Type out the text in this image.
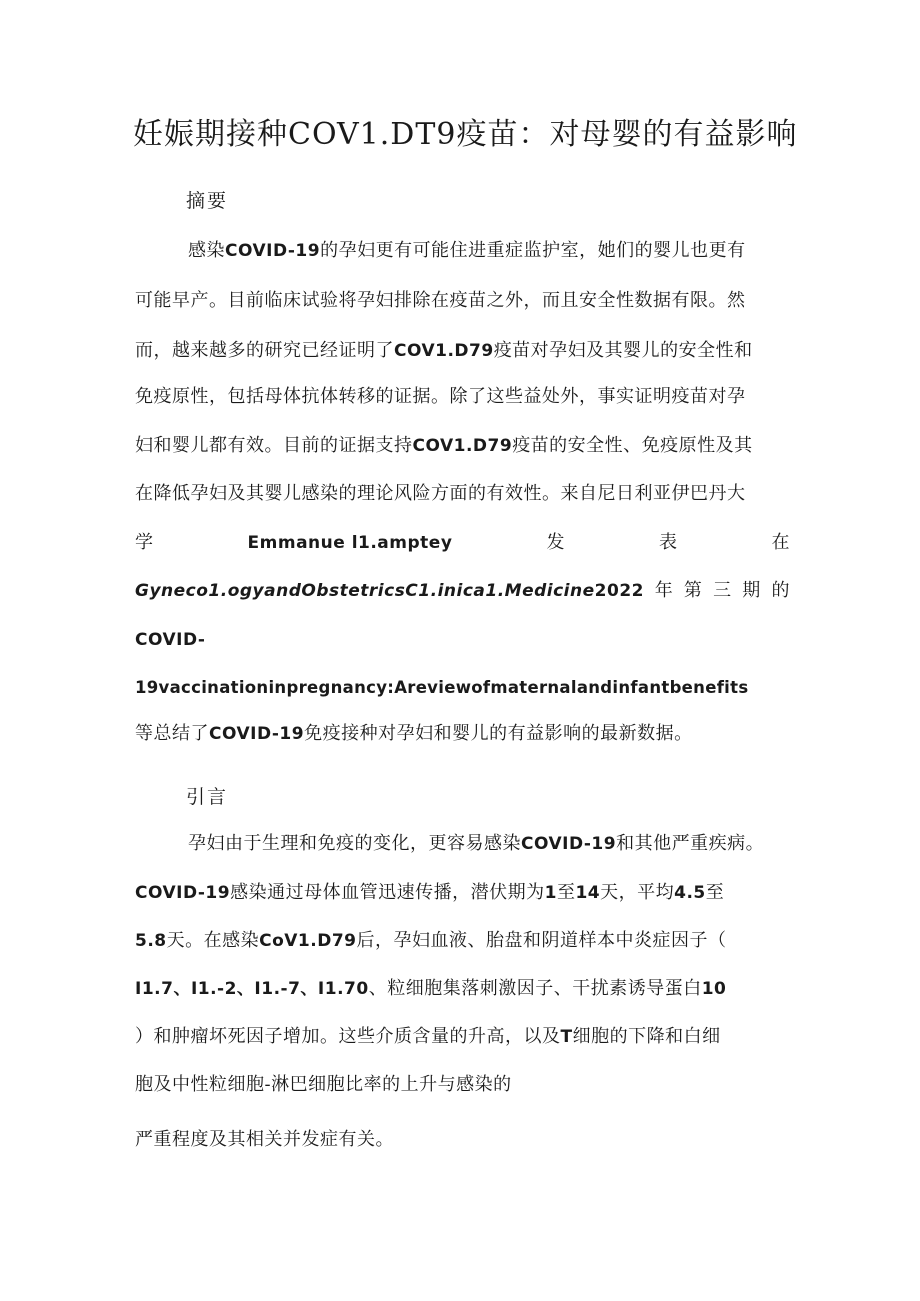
妊娠期接种COV1.DT9疫苗：对母婴的有益影响
摘要
感染COVID-19的孕妇更有可能住进重症监护室，她们的婴儿也更有
可能早产。目前临床试验将孕妇排除在疫苗之外，而且安全性数据有限。然
而，越来越多的研究已经证明了COV1.D79疫苗对孕妇及其婴儿的安全性和
免疫原性，包括母体抗体转移的证据。除了这些益处外，事实证明疫苗对孕
妇和婴儿都有效。目前的证据支持COV1.D79疫苗的安全性、免疫原性及其
在降低孕妇及其婴儿感染的理论风险方面的有效性。来自尼日利亚伊巴丹大
学	Emmanue l1.amptey	发	表	在
Gyneco1.ogyandObstetricsC1.inica1.Medicine2022 年 第 三 期 的
COVID-
19vaccinationinpregnancy:Areviewofmaternalandinfantbenefits
等总结了COVID-19免疫接种对孕妇和婴儿的有益影响的最新数据。
引言
孕妇由于生理和免疫的变化，更容易感染COVID-19和其他严重疾病。
COVID-19感染通过母体血管迅速传播，潜伏期为1至14天，平均4.5至
5.8天。在感染CoV1.D79后，孕妇血液、胎盘和阴道样本中炎症因子（
I1.7、I1.-2、I1.-7、I1.70、粒细胞集落刺激因子、干扰素诱导蛋白10
）和肿瘤坏死因子增加。这些介质含量的升高，以及T细胞的下降和白细
胞及中性粒细胞-淋巴细胞比率的上升与感染的
严重程度及其相关并发症有关。
